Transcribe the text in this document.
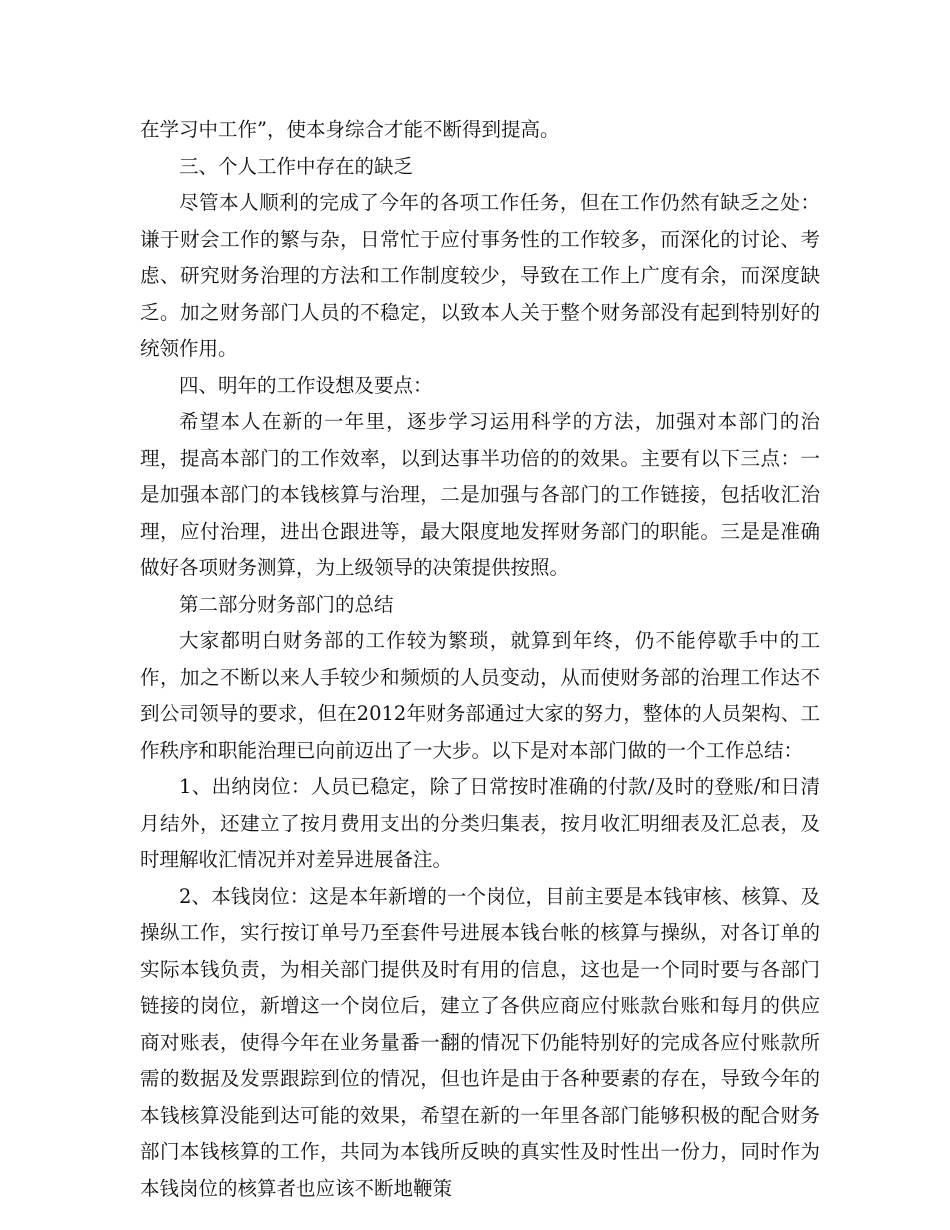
在学习中工作”，使本身综合才能不断得到提高。

三、个人工作中存在的缺乏

尽管本人顺利的完成了今年的各项工作任务，但在工作仍然有缺乏之处：谦于财会工作的繁与杂，日常忙于应付事务性的工作较多，而深化的讨论、考虑、研究财务治理的方法和工作制度较少，导致在工作上广度有余，而深度缺乏。加之财务部门人员的不稳定，以致本人关于整个财务部没有起到特别好的统领作用。

四、明年的工作设想及要点：

希望本人在新的一年里，逐步学习运用科学的方法，加强对本部门的治理，提高本部门的工作效率，以到达事半功倍的的效果。主要有以下三点：一是加强本部门的本钱核算与治理，二是加强与各部门的工作链接，包括收汇治理，应付治理，进出仓跟进等，最大限度地发挥财务部门的职能。三是是准确做好各项财务测算，为上级领导的决策提供按照。

第二部分财务部门的总结

大家都明白财务部的工作较为繁琐，就算到年终，仍不能停歇手中的工作，加之不断以来人手较少和频烦的人员变动，从而使财务部的治理工作达不到公司领导的要求，但在2012年财务部通过大家的努力，整体的人员架构、工作秩序和职能治理已向前迈出了一大步。以下是对本部门做的一个工作总结：

1、出纳岗位：人员已稳定，除了日常按时准确的付款/及时的登账/和日清月结外，还建立了按月费用支出的分类归集表，按月收汇明细表及汇总表，及时理解收汇情况并对差异进展备注。

2、本钱岗位：这是本年新增的一个岗位，目前主要是本钱审核、核算、及操纵工作，实行按订单号乃至套件号进展本钱台帐的核算与操纵，对各订单的实际本钱负责，为相关部门提供及时有用的信息，这也是一个同时要与各部门链接的岗位，新增这一个岗位后，建立了各供应商应付账款台账和每月的供应商对账表，使得今年在业务量番一翻的情况下仍能特别好的完成各应付账款所需的数据及发票跟踪到位的情况，但也许是由于各种要素的存在，导致今年的本钱核算没能到达可能的效果，希望在新的一年里各部门能够积极的配合财务部门本钱核算的工作，共同为本钱所反映的真实性及时性出一份力，同时作为本钱岗位的核算者也应该不断地鞭策
